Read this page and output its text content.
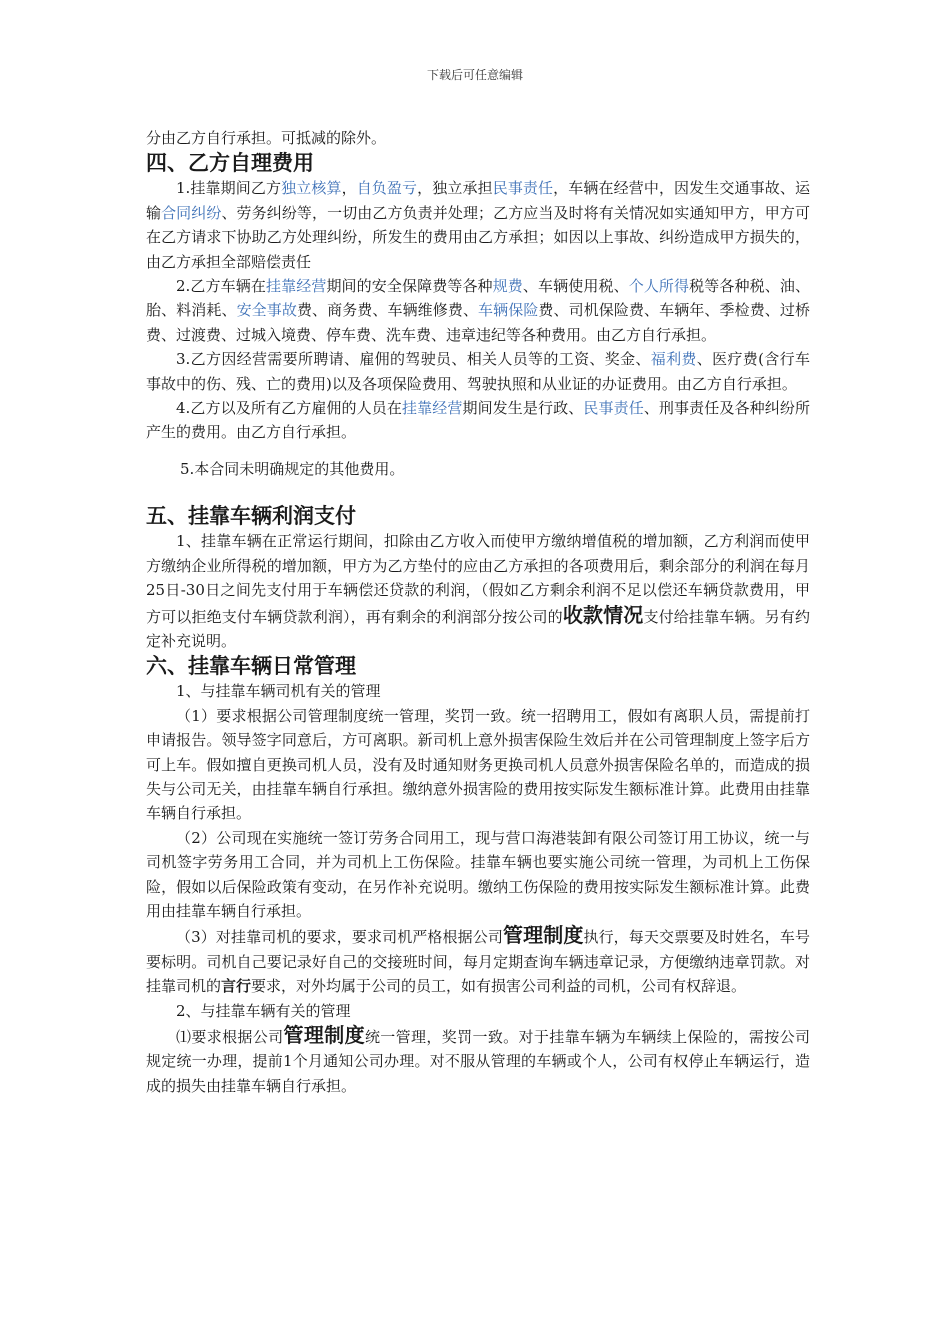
下载后可任意编辑

分由乙方自行承担。可抵减的除外。

四、乙方自理费用

1.挂靠期间乙方独立核算，自负盈亏，独立承担民事责任，车辆在经营中，因发生交通事故、运输合同纠纷、劳务纠纷等，一切由乙方负责并处理；乙方应当及时将有关情况如实通知甲方，甲方可在乙方请求下协助乙方处理纠纷，所发生的费用由乙方承担；如因以上事故、纠纷造成甲方损失的，由乙方承担全部赔偿责任

2.乙方车辆在挂靠经营期间的安全保障费等各种规费、车辆使用税、个人所得税等各种税、油、胎、料消耗、安全事故费、商务费、车辆维修费、车辆保险费、司机保险费、车辆年、季检费、过桥费、过渡费、过城入境费、停车费、洗车费、违章违纪等各种费用。由乙方自行承担。

3.乙方因经营需要所聘请、雇佣的驾驶员、相关人员等的工资、奖金、福利费、医疗费(含行车事故中的伤、残、亡的费用)以及各项保险费用、驾驶执照和从业证的办证费用。由乙方自行承担。

4.乙方以及所有乙方雇佣的人员在挂靠经营期间发生是行政、民事责任、刑事责任及各种纠纷所产生的费用。由乙方自行承担。

5.本合同未明确规定的其他费用。

五、挂靠车辆利润支付

1、挂靠车辆在正常运行期间，扣除由乙方收入而使甲方缴纳增值税的增加额，乙方利润而使甲方缴纳企业所得税的增加额，甲方为乙方垫付的应由乙方承担的各项费用后，剩余部分的利润在每月25日-30日之间先支付用于车辆偿还贷款的利润，（假如乙方剩余利润不足以偿还车辆贷款费用，甲方可以拒绝支付车辆贷款利润），再有剩余的利润部分按公司的收款情况支付给挂靠车辆。另有约定补充说明。

六、挂靠车辆日常管理

1、与挂靠车辆司机有关的管理

（1）要求根据公司管理制度统一管理，奖罚一致。统一招聘用工，假如有离职人员，需提前打申请报告。领导签字同意后，方可离职。新司机上意外损害保险生效后并在公司管理制度上签字后方可上车。假如擅自更换司机人员，没有及时通知财务更换司机人员意外损害保险名单的，而造成的损失与公司无关，由挂靠车辆自行承担。缴纳意外损害险的费用按实际发生额标准计算。此费用由挂靠车辆自行承担。

（2）公司现在实施统一签订劳务合同用工，现与营口海港装卸有限公司签订用工协议，统一与司机签字劳务用工合同，并为司机上工伤保险。挂靠车辆也要实施公司统一管理，为司机上工伤保险，假如以后保险政策有变动，在另作补充说明。缴纳工伤保险的费用按实际发生额标准计算。此费用由挂靠车辆自行承担。

（3）对挂靠司机的要求，要求司机严格根据公司管理制度执行，每天交票要及时姓名，车号要标明。司机自己要记录好自己的交接班时间，每月定期查询车辆违章记录，方便缴纳违章罚款。对挂靠司机的言行要求，对外均属于公司的员工，如有损害公司利益的司机，公司有权辞退。

2、与挂靠车辆有关的管理

⑴要求根据公司管理制度统一管理，奖罚一致。对于挂靠车辆为车辆续上保险的，需按公司规定统一办理，提前1个月通知公司办理。对不服从管理的车辆或个人，公司有权停止车辆运行，造成的损失由挂靠车辆自行承担。
